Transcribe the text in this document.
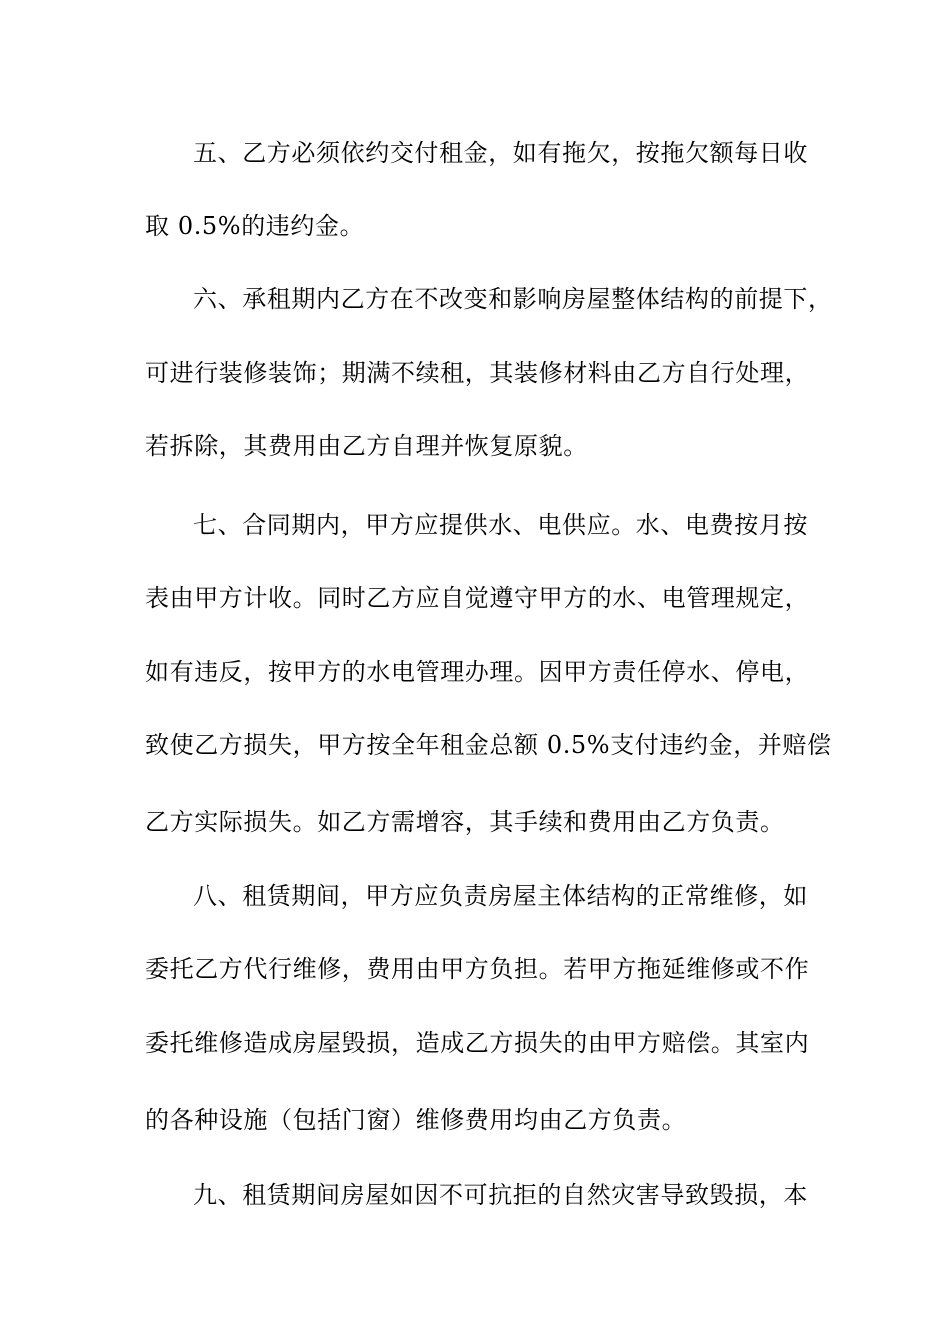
五、乙方必须依约交付租金，如有拖欠，按拖欠额每日收
取 0.5%的违约金。
六、承租期内乙方在不改变和影响房屋整体结构的前提下，
可进行装修装饰；期满不续租，其装修材料由乙方自行处理，
若拆除，其费用由乙方自理并恢复原貌。
七、合同期内，甲方应提供水、电供应。水、电费按月按
表由甲方计收。同时乙方应自觉遵守甲方的水、电管理规定，
如有违反，按甲方的水电管理办理。因甲方责任停水、停电，
致使乙方损失，甲方按全年租金总额 0.5%支付违约金，并赔偿
乙方实际损失。如乙方需增容，其手续和费用由乙方负责。
八、租赁期间，甲方应负责房屋主体结构的正常维修，如
委托乙方代行维修，费用由甲方负担。若甲方拖延维修或不作
委托维修造成房屋毁损，造成乙方损失的由甲方赔偿。其室内
的各种设施（包括门窗）维修费用均由乙方负责。
九、租赁期间房屋如因不可抗拒的自然灾害导致毁损，本
